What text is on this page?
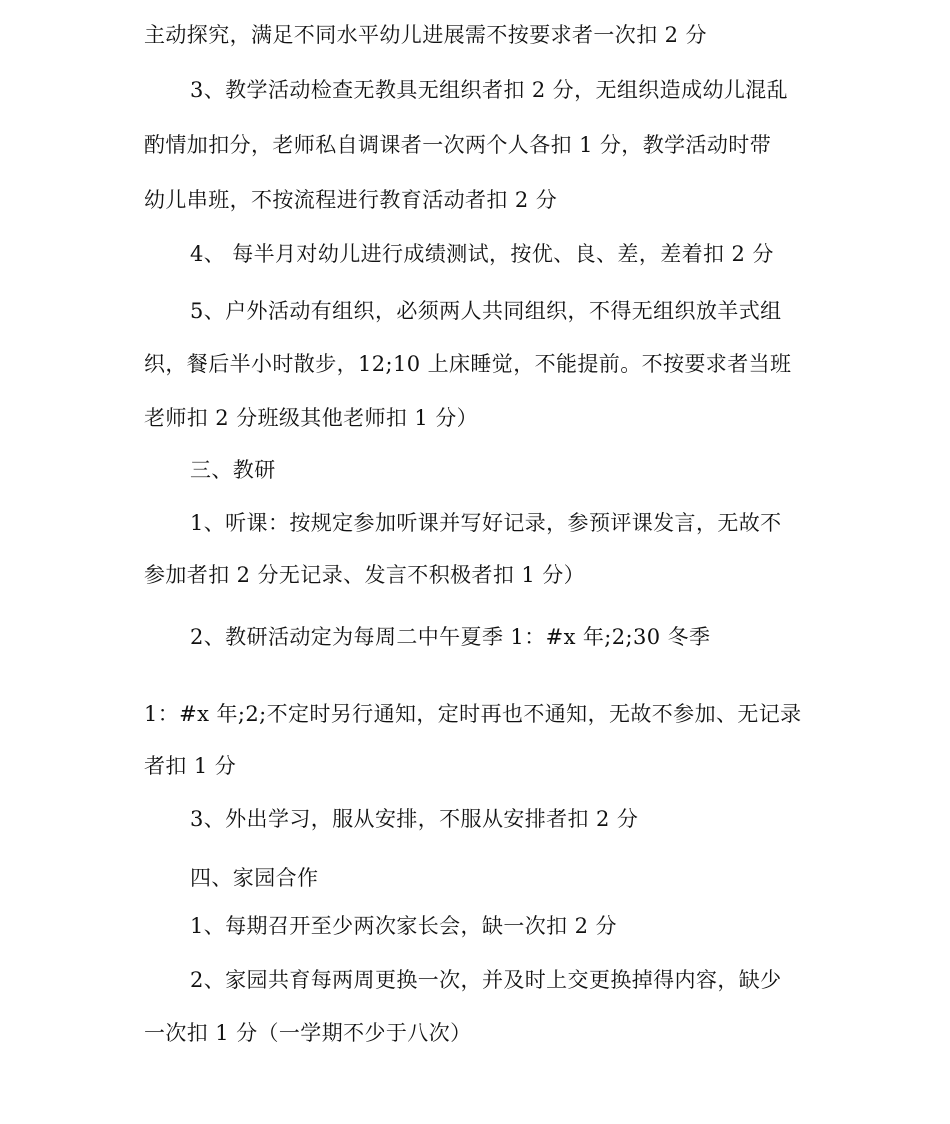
主动探究，满足不同水平幼儿进展需不按要求者一次扣 2 分
3、教学活动检查无教具无组织者扣 2 分，无组织造成幼儿混乱
酌情加扣分，老师私自调课者一次两个人各扣 1 分，教学活动时带
幼儿串班，不按流程进行教育活动者扣 2 分
4、 每半月对幼儿进行成绩测试，按优、良、差，差着扣 2 分
5、户外活动有组织，必须两人共同组织，不得无组织放羊式组
织，餐后半小时散步，12;10 上床睡觉，不能提前。不按要求者当班
老师扣 2 分班级其他老师扣 1 分）
三、教研
1、听课：按规定参加听课并写好记录，参预评课发言，无故不
参加者扣 2 分无记录、发言不积极者扣 1 分）
2、教研活动定为每周二中午夏季 1：#x 年;2;30 冬季
1：#x 年;2;不定时另行通知，定时再也不通知，无故不参加、无记录
者扣 1 分
3、外出学习，服从安排，不服从安排者扣 2 分
四、家园合作
1、每期召开至少两次家长会，缺一次扣 2 分
2、家园共育每两周更换一次，并及时上交更换掉得内容，缺少
一次扣 1 分（一学期不少于八次）
